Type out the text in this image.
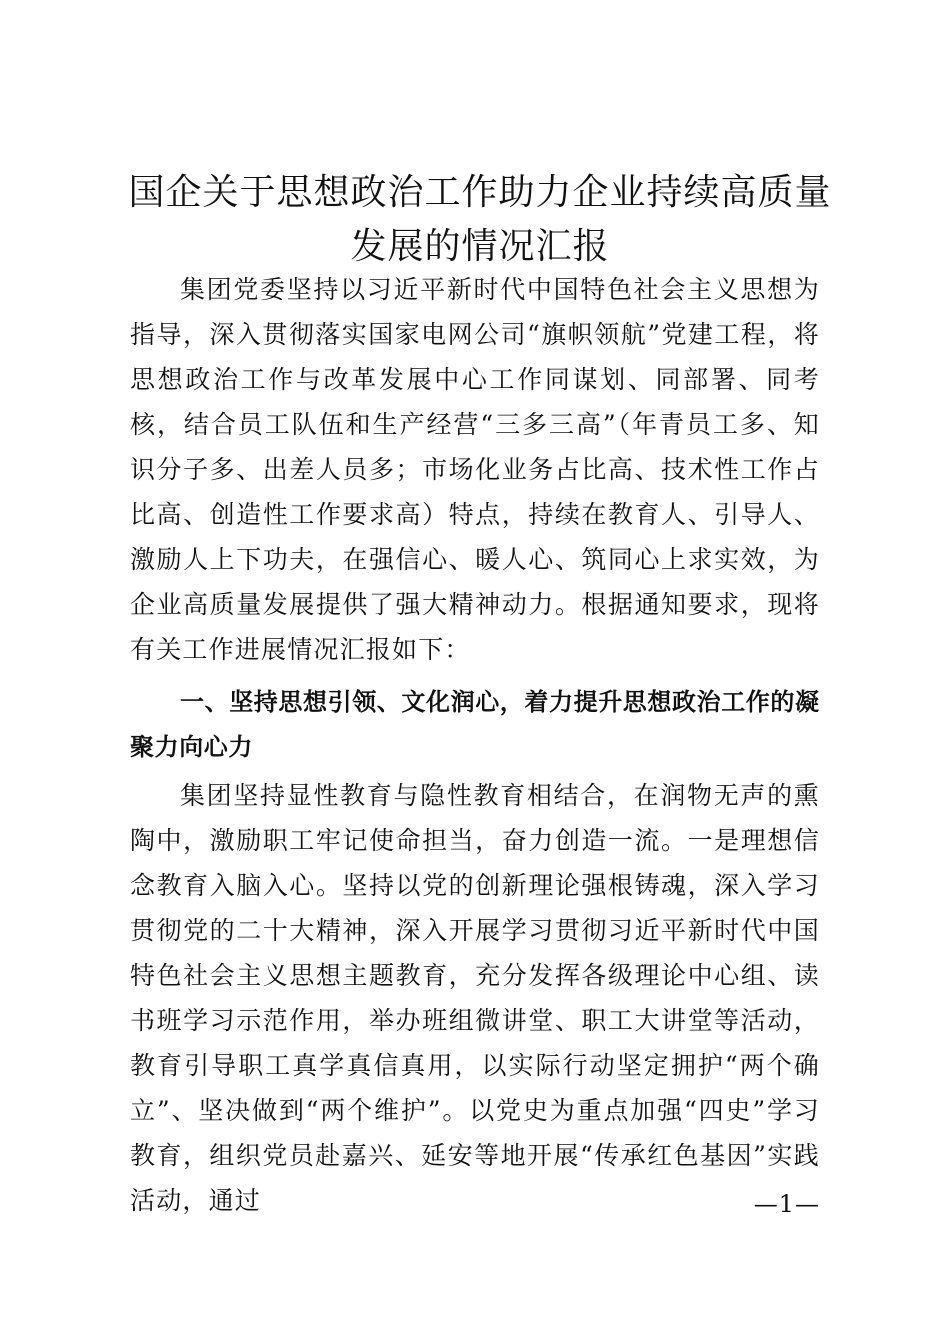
国企关于思想政治工作助力企业持续高质量发展的情况汇报

集团党委坚持以习近平新时代中国特色社会主义思想为指导，深入贯彻落实国家电网公司“旗帜领航”党建工程，将思想政治工作与改革发展中心工作同谋划、同部署、同考核，结合员工队伍和生产经营“三多三高”（年青员工多、知识分子多、出差人员多；市场化业务占比高、技术性工作占比高、创造性工作要求高）特点，持续在教育人、引导人、激励人上下功夫，在强信心、暖人心、筑同心上求实效，为企业高质量发展提供了强大精神动力。根据通知要求，现将有关工作进展情况汇报如下：

一、坚持思想引领、文化润心，着力提升思想政治工作的凝聚力向心力

集团坚持显性教育与隐性教育相结合，在润物无声的熏陶中，激励职工牢记使命担当，奋力创造一流。一是理想信念教育入脑入心。坚持以党的创新理论强根铸魂，深入学习贯彻党的二十大精神，深入开展学习贯彻习近平新时代中国特色社会主义思想主题教育，充分发挥各级理论中心组、读书班学习示范作用，举办班组微讲堂、职工大讲堂等活动，教育引导职工真学真信真用，以实际行动坚定拥护“两个确立”、坚决做到“两个维护”。以党史为重点加强“四史”学习教育，组织党员赴嘉兴、延安等地开展“传承红色基因”实践活动，通过	—1—
